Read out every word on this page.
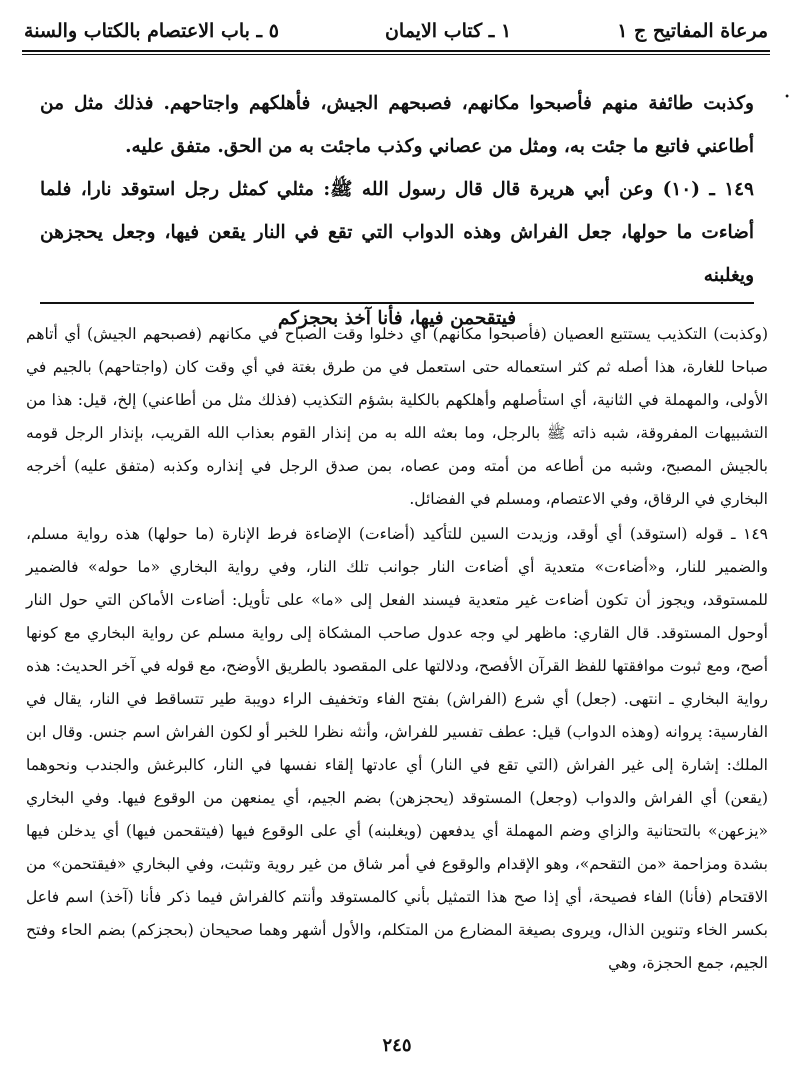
مرعاة المفاتيح ج ١
١ ـ كتاب الايمان
٥ ـ باب الاعتصام بالكتاب والسنة
•

وكذبت طائفة منهم فأصبحوا مكانهم، فصبحهم الجيش، فأهلكهم واجتاحهم. فذلك مثل من أطاعني فاتبع ما جئت به، ومثل من عصاني وكذب ماجئت به من الحق. متفق عليه.

١٤٩ ـ (١٠) وعن أبي هريرة قال قال رسول الله ﷺ: مثلي كمثل رجل استوقد نارا، فلما أضاءت ما حولها، جعل الفراش وهذه الدواب التي تقع في النار يقعن فيها، وجعل يحجزهن ويغلبنه

فيتقحمن فيها، فأنا آخذ بحجزكم

(وكذبت) التكذيب يستتبع العصيان (فأصبحوا مكانهم) أي دخلوا وقت الصباح في مكانهم (فصبحهم الجيش) أي أتاهم صباحا للغارة، هذا أصله ثم كثر استعماله حتى استعمل في من طرق بغتة في أي وقت كان (واجتاحهم) بالجيم في الأولى، والمهملة في الثانية، أي استأصلهم وأهلكهم بالكلية بشؤم التكذيب (فذلك مثل من أطاعني) إلخ، قيل: هذا من التشبيهات المفروقة، شبه ذاته ﷺ بالرجل، وما بعثه الله به من إنذار القوم بعذاب الله القريب، بإنذار الرجل قومه بالجيش المصبح، وشبه من أطاعه من أمته ومن عصاه، بمن صدق الرجل في إنذاره وكذبه (متفق عليه) أخرجه البخاري في الرقاق، وفي الاعتصام، ومسلم في الفضائل.

١٤٩ ـ قوله (استوقد) أي أوقد، وزيدت السين للتأكيد (أضاءت) الإضاءة فرط الإنارة (ما حولها) هذه رواية مسلم، والضمير للنار، و«أضاءت» متعدية أي أضاءت النار جوانب تلك النار، وفي رواية البخاري «ما حوله» فالضمير للمستوقد، ويجوز أن تكون أضاءت غير متعدية فيسند الفعل إلى «ما» على تأويل: أضاءت الأماكن التي حول النار أوحول المستوقد. قال القاري: ماظهر لي وجه عدول صاحب المشكاة إلى رواية مسلم عن رواية البخاري مع كونها أصح، ومع ثبوت موافقتها للفظ القرآن الأفصح، ودلالتها على المقصود بالطريق الأوضح، مع قوله في آخر الحديث: هذه رواية البخاري ـ انتهى. (جعل) أي شرع (الفراش) بفتح الفاء وتخفيف الراء دويبة طير تتساقط في النار، يقال في الفارسية: پروانه (وهذه الدواب) قيل: عطف تفسير للفراش، وأنثه نظرا للخبر أو لكون الفراش اسم جنس. وقال ابن الملك: إشارة إلى غير الفراش (التي تقع في النار) أي عادتها إلقاء نفسها في النار، كالبرغش والجندب ونحوهما (يقعن) أي الفراش والدواب (وجعل) المستوقد (يحجزهن) بضم الجيم، أي يمنعهن من الوقوع فيها. وفي البخاري «يزعهن» بالتحتانية والزاي وضم المهملة أي يدفعهن (ويغلبنه) أي على الوقوع فيها (فيتقحمن فيها) أي يدخلن فيها بشدة ومزاحمة «من التقحم»، وهو الإقدام والوقوع في أمر شاق من غير روية وتثبت، وفي البخاري «فيقتحمن» من الاقتحام (فأنا) الفاء فصيحة، أي إذا صح هذا التمثيل بأني كالمستوقد وأنتم كالفراش فيما ذكر فأنا (آخذ) اسم فاعل بكسر الخاء وتنوين الذال، ويروى بصيغة المضارع من المتكلم، والأول أشهر وهما صحيحان (بحجزكم) بضم الحاء وفتح الجيم، جمع الحجزة، وهي

٢٤٥
